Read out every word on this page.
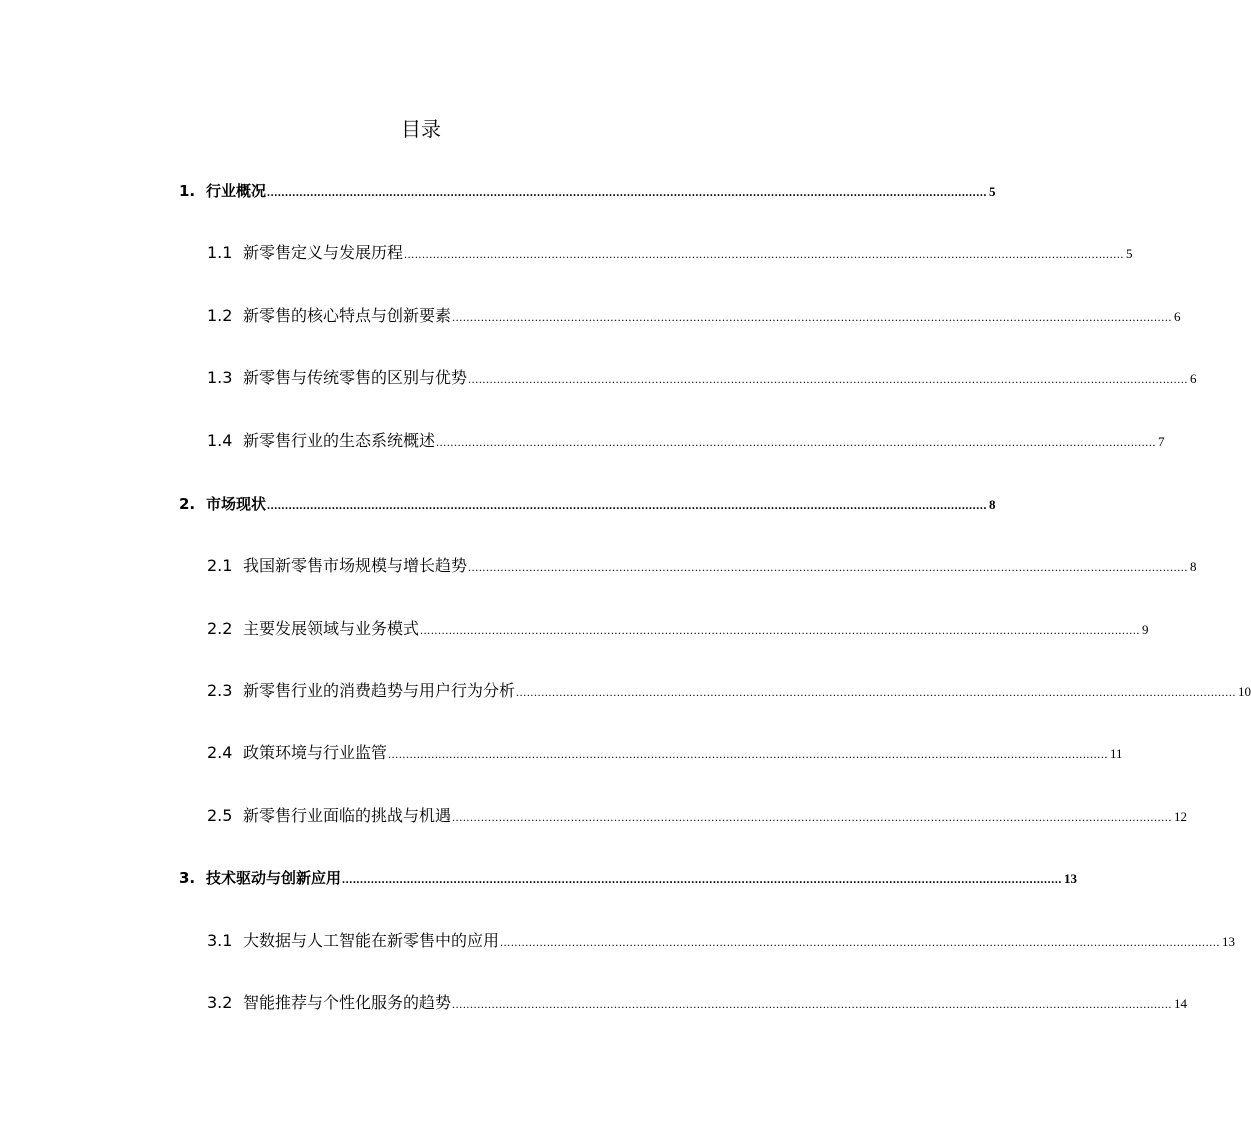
目录
1. 行业概况 ........................................................................................................................................................................................................ 5
1.1 新零售定义与发展历程 ........................................................................................................................................................................................................ 5
1.2 新零售的核心特点与创新要素 ........................................................................................................................................................................................................ 6
1.3 新零售与传统零售的区别与优势 ........................................................................................................................................................................................................ 6
1.4 新零售行业的生态系统概述 ........................................................................................................................................................................................................ 7
2. 市场现状 ........................................................................................................................................................................................................ 8
2.1 我国新零售市场规模与增长趋势 ........................................................................................................................................................................................................ 8
2.2 主要发展领域与业务模式 ........................................................................................................................................................................................................ 9
2.3 新零售行业的消费趋势与用户行为分析 ........................................................................................................................................................................................................ 10
2.4 政策环境与行业监管 ........................................................................................................................................................................................................ 11
2.5 新零售行业面临的挑战与机遇 ........................................................................................................................................................................................................ 12
3. 技术驱动与创新应用 ........................................................................................................................................................................................................ 13
3.1 大数据与人工智能在新零售中的应用 ........................................................................................................................................................................................................ 13
3.2 智能推荐与个性化服务的趋势 ........................................................................................................................................................................................................ 14
